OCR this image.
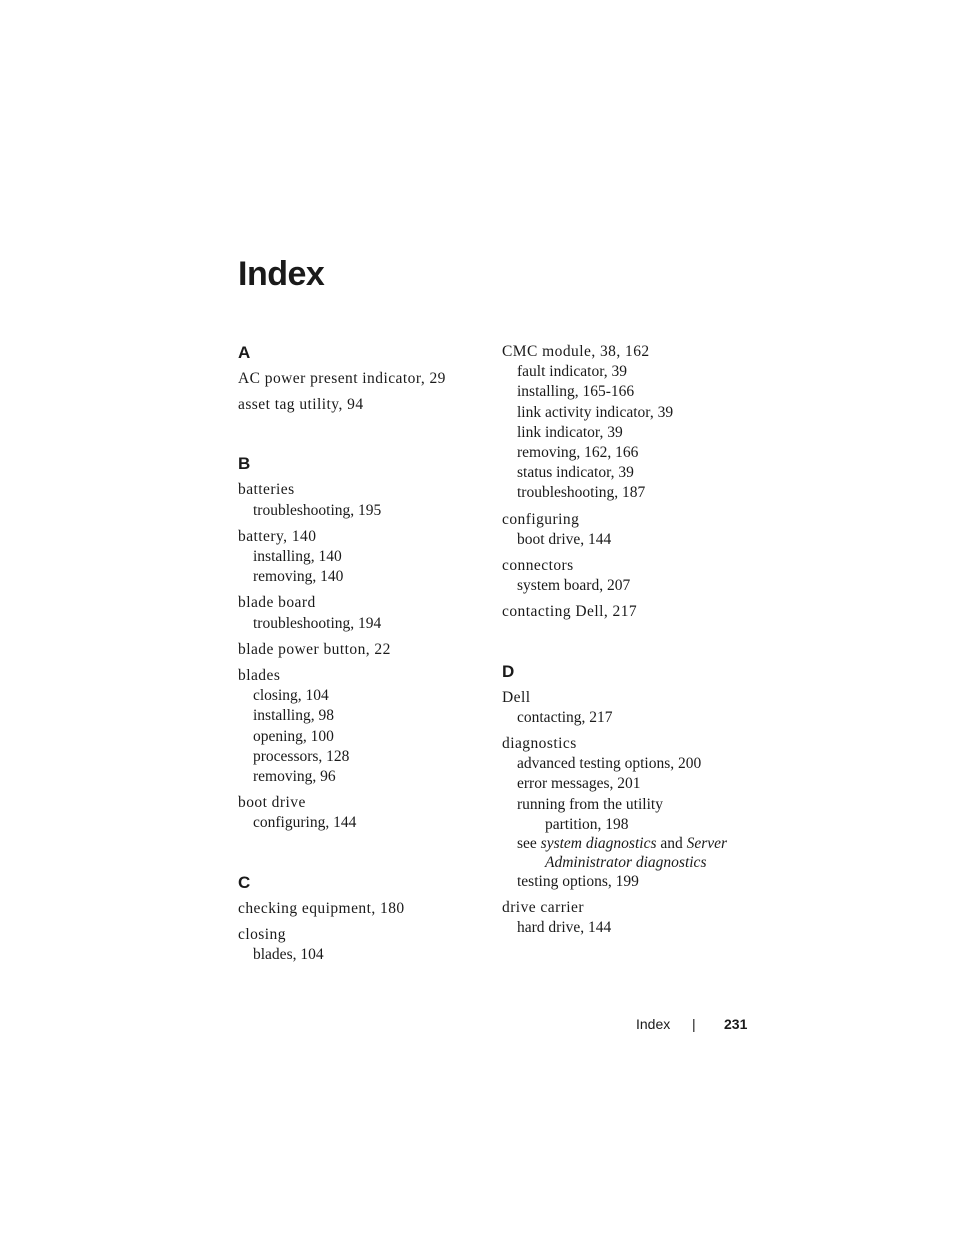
Index
A
AC power present indicator, 29
asset tag utility, 94
B
batteries
troubleshooting, 195
battery, 140
installing, 140
removing, 140
blade board
troubleshooting, 194
blade power button, 22
blades
closing, 104
installing, 98
opening, 100
processors, 128
removing, 96
boot drive
configuring, 144
C
checking equipment, 180
closing
blades, 104
CMC module, 38, 162
fault indicator, 39
installing, 165-166
link activity indicator, 39
link indicator, 39
removing, 162, 166
status indicator, 39
troubleshooting, 187
configuring
boot drive, 144
connectors
system board, 207
contacting Dell, 217
D
Dell
contacting, 217
diagnostics
advanced testing options, 200
error messages, 201
running from the utility
partition, 198
see system diagnostics and Server
Administrator diagnostics
testing options, 199
drive carrier
hard drive, 144
Index | 231
